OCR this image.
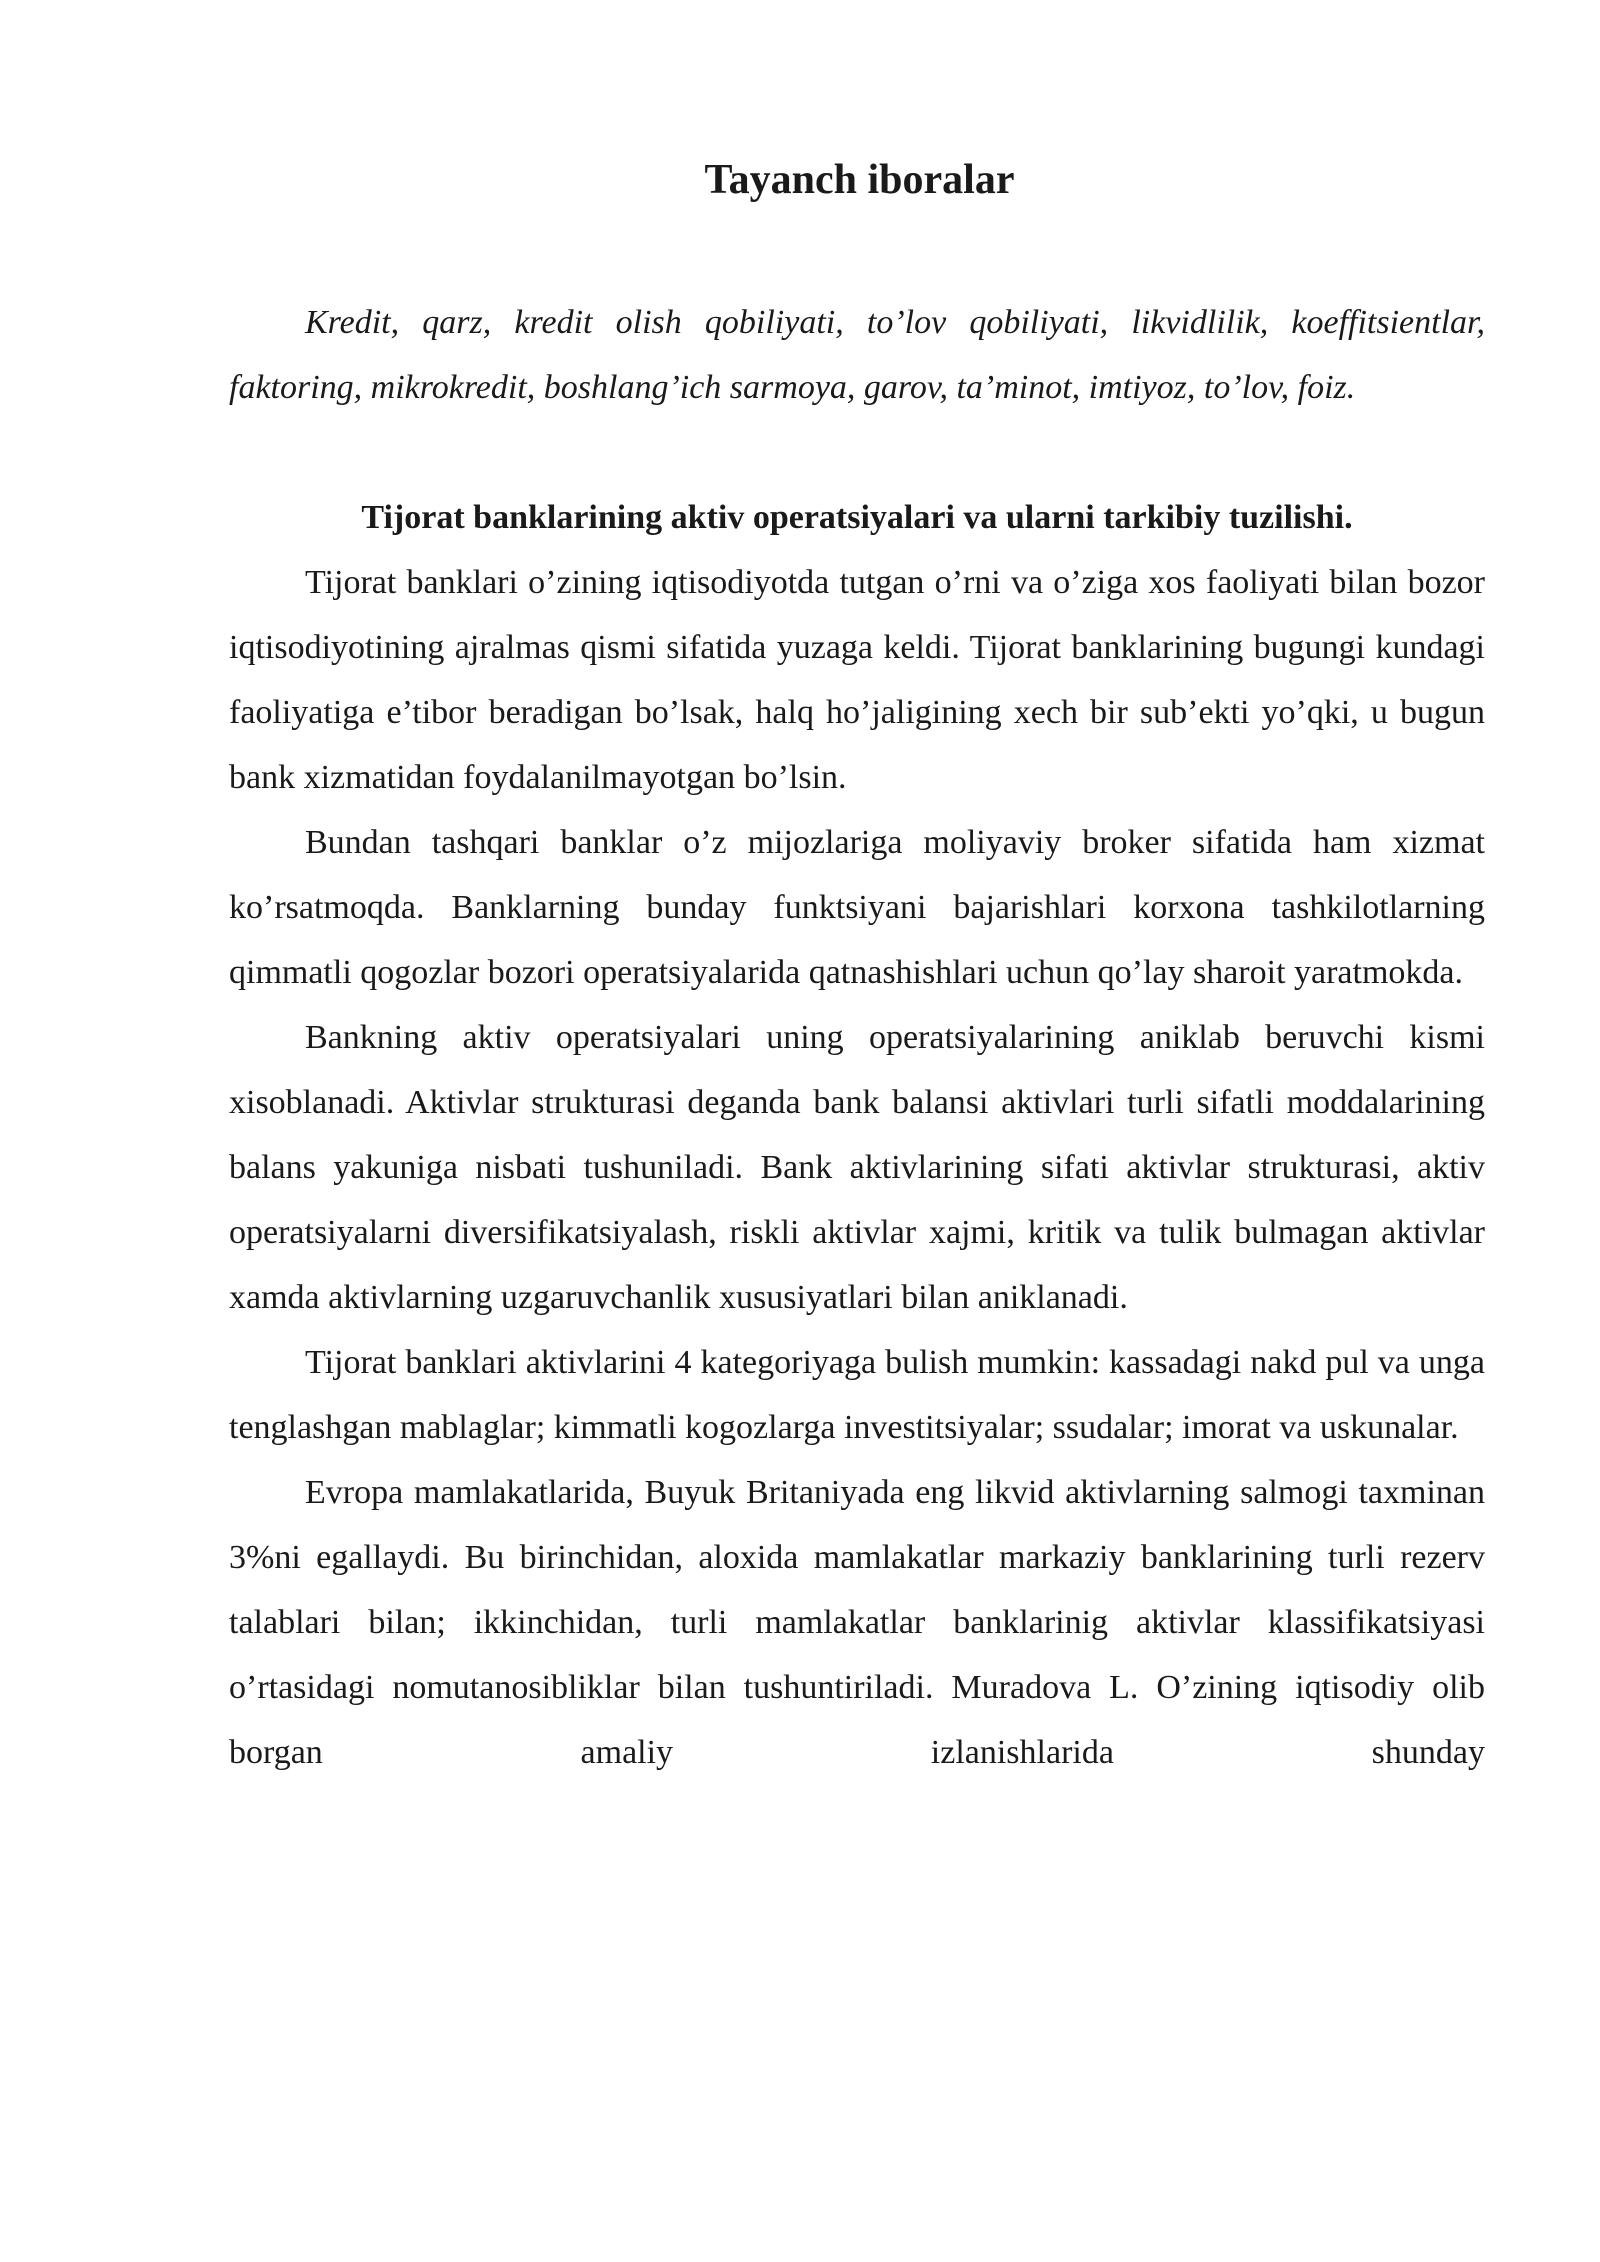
Tayanch iboralar

Kredit, qarz, kredit olish qobiliyati, to’lov qobiliyati, likvidlilik, koeffitsientlar, faktoring, mikrokredit, boshlang’ich sarmoya, garov, ta’minot, imtiyoz, to’lov, foiz.

Tijorat banklarining aktiv operatsiyalari va ularni tarkibiy tuzilishi.

Tijorat banklari o’zining iqtisodiyotda tutgan o’rni va o’ziga xos faoliyati bilan bozor iqtisodiyotining ajralmas qismi sifatida yuzaga keldi. Tijorat banklarining bugungi kundagi faoliyatiga e’tibor beradigan bo’lsak, halq ho’jaligining xech bir sub’ekti yo’qki, u bugun bank xizmatidan foydalanilmayotgan bo’lsin.

Bundan tashqari banklar o’z mijozlariga moliyaviy broker sifatida ham xizmat ko’rsatmoqda. Banklarning bunday funktsiyani bajarishlari korxona tashkilotlarning qimmatli qogozlar bozori operatsiyalarida qatnashishlari uchun qo’lay sharoit yaratmokda.

Bankning aktiv operatsiyalari uning operatsiyalarining aniklab beruvchi kismi xisoblanadi. Aktivlar strukturasi deganda bank balansi aktivlari turli sifatli moddalarining balans yakuniga nisbati tushuniladi. Bank aktivlarining sifati aktivlar strukturasi, aktiv operatsiyalarni diversifikatsiyalash, riskli aktivlar xajmi, kritik va tulik bulmagan aktivlar xamda aktivlarning uzgaruvchanlik xususiyatlari bilan aniklanadi.

Tijorat banklari aktivlarini 4 kategoriyaga bulish mumkin: kassadagi nakd pul va unga tenglashgan mablaglar; kimmatli kogozlarga investitsiyalar; ssudalar; imorat va uskunalar.

Evropa mamlakatlarida, Buyuk Britaniyada eng likvid aktivlarning salmogi taxminan 3%ni egallaydi. Bu birinchidan, aloxida mamlakatlar markaziy banklarining turli rezerv talablari bilan; ikkinchidan, turli mamlakatlar banklarinig aktivlar klassifikatsiyasi o’rtasidagi nomutanosibliklar bilan tushuntiriladi. Muradova L. O’zining iqtisodiy olib borgan amaliy izlanishlarida shunday
